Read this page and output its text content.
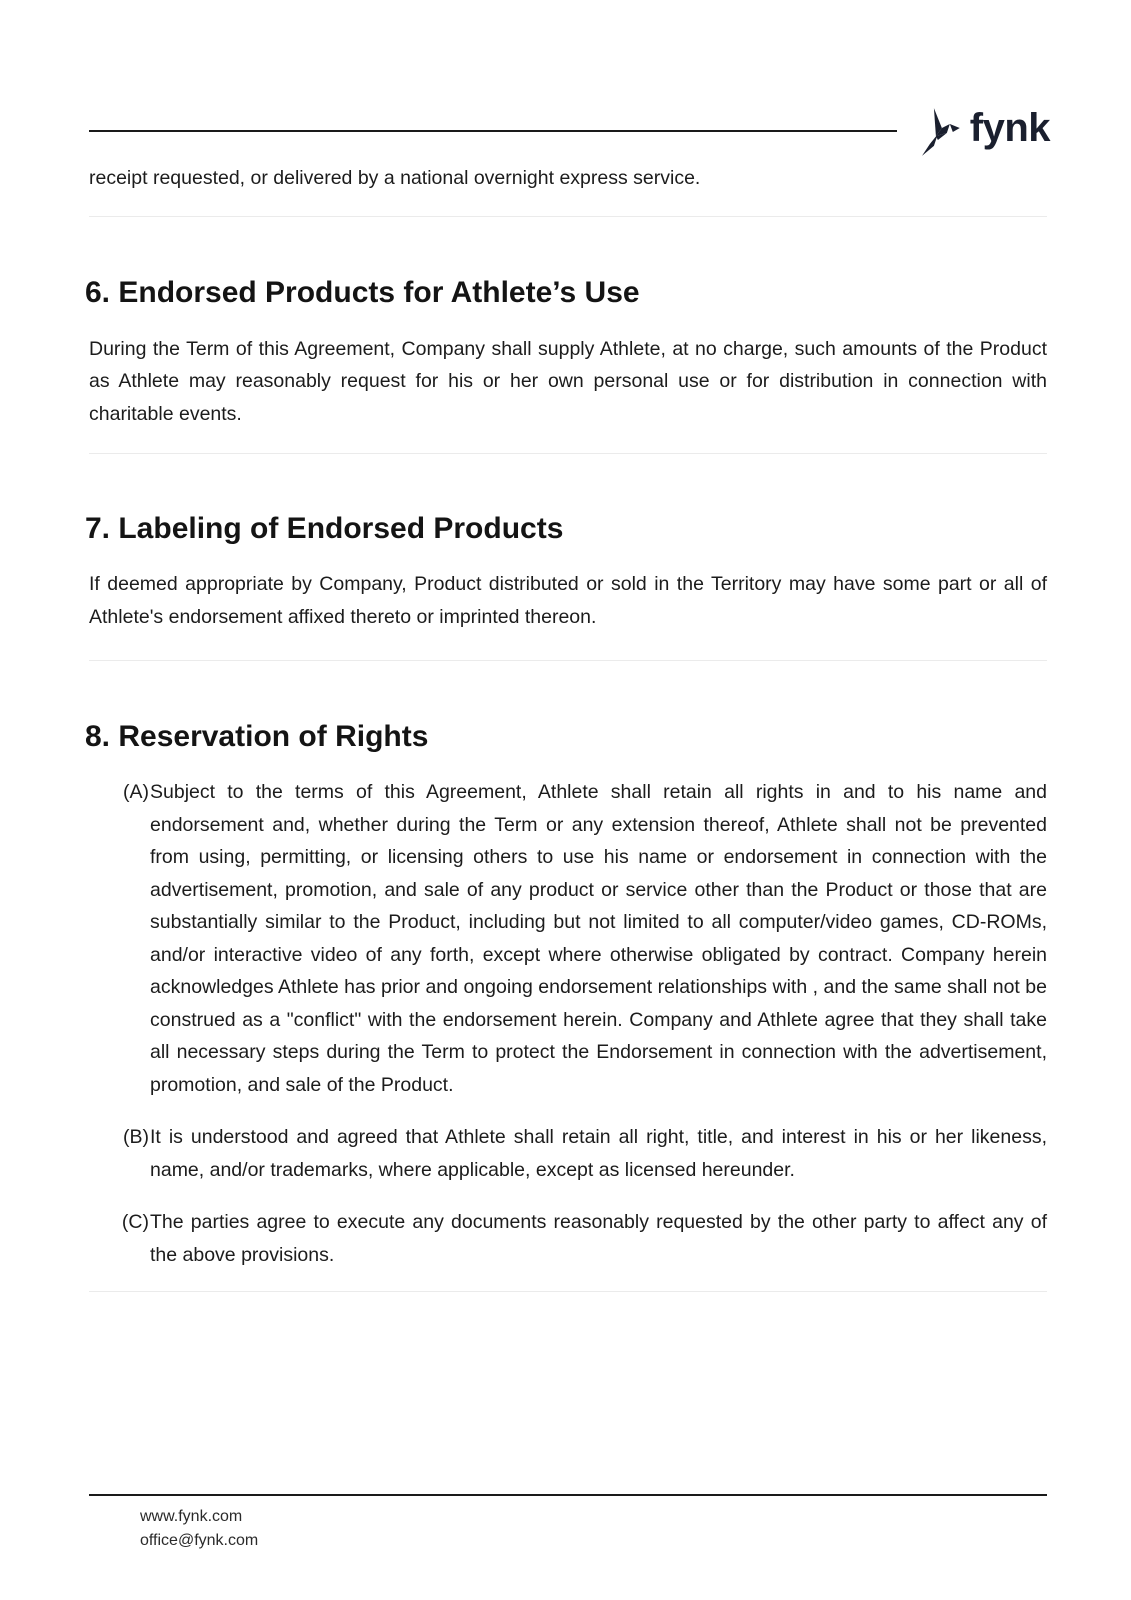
fynk

receipt requested, or delivered by a national overnight express service.

6. Endorsed Products for Athlete’s Use

During the Term of this Agreement, Company shall supply Athlete, at no charge, such amounts of the Product as Athlete may reasonably request for his or her own personal use or for distribution in connection with charitable events.

7. Labeling of Endorsed Products

If deemed appropriate by Company, Product distributed or sold in the Territory may have some part or all of Athlete's endorsement affixed thereto or imprinted thereon.

8. Reservation of Rights
(A) Subject to the terms of this Agreement, Athlete shall retain all rights in and to his name and endorsement and, whether during the Term or any extension thereof, Athlete shall not be prevented from using, permitting, or licensing others to use his name or endorsement in connection with the advertisement, promotion, and sale of any product or service other than the Product or those that are substantially similar to the Product, including but not limited to all computer/video games, CD-ROMs, and/or interactive video of any forth, except where otherwise obligated by contract. Company herein acknowledges Athlete has prior and ongoing endorsement relationships with , and the same shall not be construed as a "conflict" with the endorsement herein. Company and Athlete agree that they shall take all necessary steps during the Term to protect the Endorsement in connection with the advertisement, promotion, and sale of the Product.
(B) It is understood and agreed that Athlete shall retain all right, title, and interest in his or her likeness, name, and/or trademarks, where applicable, except as licensed hereunder.
(C) The parties agree to execute any documents reasonably requested by the other party to affect any of the above provisions.
www.fynk.com
office@fynk.com
